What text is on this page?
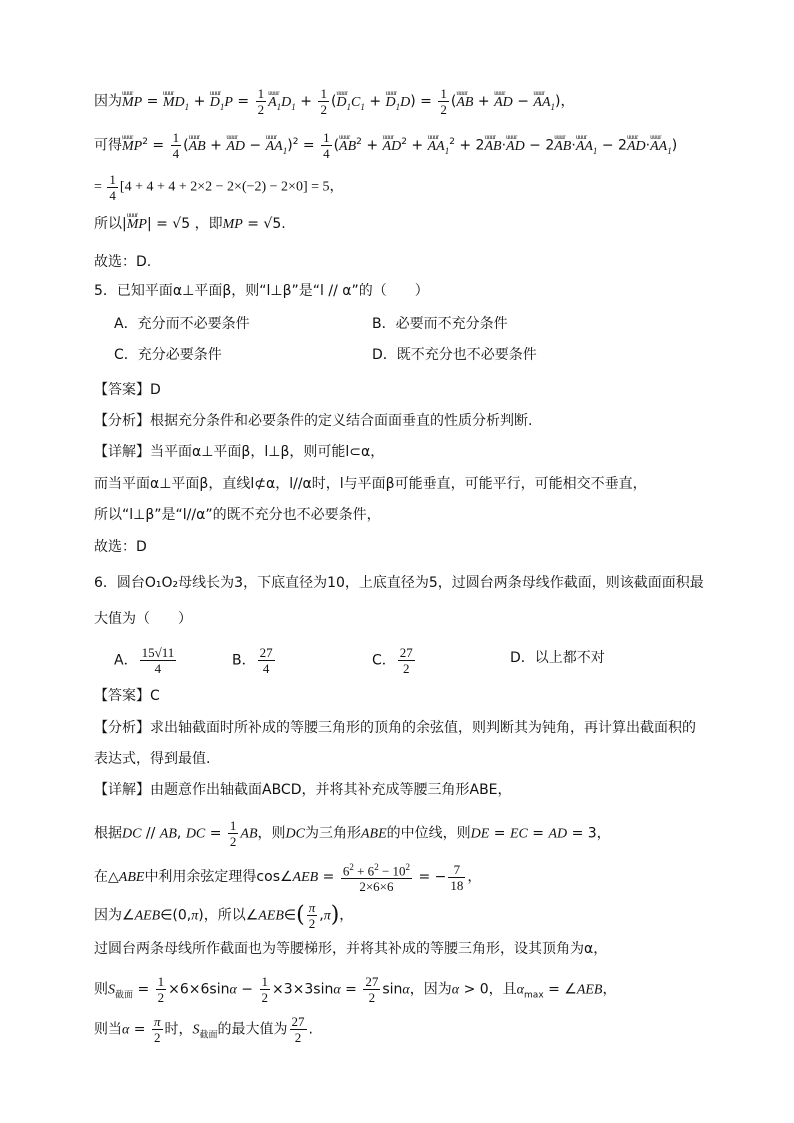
因为uuur MP = uuur $MD_1$ + uuur $D_1P = \frac{1}{2}$
uuur $A_1D_1 + \frac{1}{2}$ (uuur $D_1C_1$ + uuur $D_1D) = \frac{1}{2}$ (uuur AB + uuur AD − uuur $AA_1$)，
可得uuur $MP^2 = \frac{1}{4}$ (uuur AB + uuur AD − uuur $AA_1)^2 = \frac{1}{4}$ (uuur $AB^2$ + uuur $AD^2$ + uuur $AA_1^2$ + 2uuur AB·uuur AD − 2uuur AB·uuur $AA_1$ − 2uuur AD·uuur $AA_1$)
= $\frac{1}{4} [4 + 4 + 4 + 2\times 2 - 2\times(-2) - 2\times 0] = 5$，
所以|uuur MP| = √5 ，即MP = √5.
故选：D.
5．已知平面α⊥平面β，则“l⊥β”是“l // α”的（　　）
A．充分而不必要条件	B．必要而不充分条件
C．充分必要条件	D．既不充分也不必要条件
【答案】D
【分析】根据充分条件和必要条件的定义结合面面垂直的性质分析判断.
【详解】当平面α⊥平面β，l⊥β，则可能l⊂α，
而当平面α⊥平面β，直线l⊄α，l//α时，l与平面β可能垂直，可能平行，可能相交不垂直，
所以“l⊥β”是“l//α”的既不充分也不必要条件，
故选：D
6．圆台O₁O₂母线长为3，下底直径为10，上底直径为5，过圆台两条母线作截面，则该截面面积最
大值为（　　）
A． $\frac{15√11}{4}$	B． $\frac{27}{4}$	C． $\frac{27}{2}$	D．以上都不对
【答案】C
【分析】求出轴截面时所补成的等腰三角形的顶角的余弦值，则判断其为钝角，再计算出截面积的
表达式，得到最值.
【详解】由题意作出轴截面ABCD，并将其补充成等腰三角形ABE，
根据DC // AB, DC = $\frac{1}{2}$ AB，则DC为三角形ABE的中位线，则DE = EC = AD = 3，
在△ABE中利用余弦定理得cos∠AEB = $\frac{6^2 + 6^2 - 10^2}{2\times 6\times 6}$ = − $\frac{7}{18}$ ，
因为∠AEB∈(0,π)，所以∠AEB∈( $\frac{\pi}{2} ,\pi$)，
过圆台两条母线所作截面也为等腰梯形，并将其补成的等腰三角形，设其顶角为α，
则$S_{截面} = \frac{1}{2} \times 6\times 6\sin\alpha - \frac{1}{2} \times 3\times 3\sin\alpha = \frac{27}{2}$ sinα，因为α > 0，且$\alpha_{max}$ = ∠AEB，
则当$\alpha = \frac{\pi}{2}$ 时，$S_{截面}$的最大值为 $\frac{27}{2}$ .
